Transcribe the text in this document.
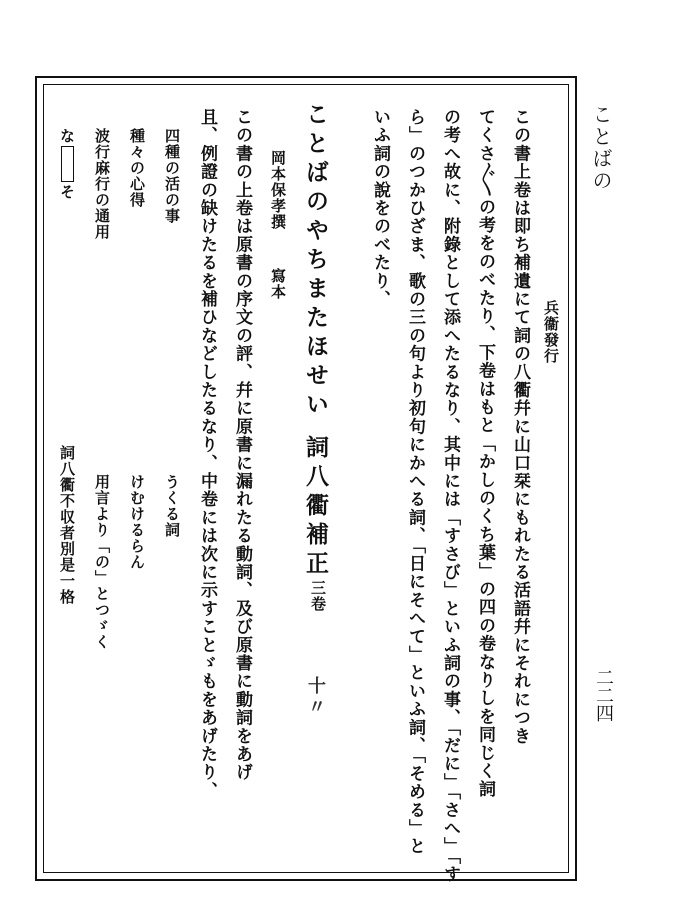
ことばの
二二四
兵衞發行
この書上卷は即ち補遺にて詞の八衢幷に山口栞にもれたる活語幷にそれにつき
てくさ〴〵の考をのべたり、下卷はもと「かしのくち葉」の四の卷なりしを同じく詞
の考へ故に、附錄として添へたるなり、其中には「すさび」といふ詞の事、「だに」「さへ」「す
ら」のつかひざま、歌の三の句より初句にかへる詞、「日にそへて」といふ詞、「そめる」と
いふ詞の說をのべたり、
ことばのやちまたほせい
詞八衢補正
三卷
十〃
岡本保孝撰
寫本
この書の上卷は原書の序文の評、幷に原書に漏れたる動詞、及び原書に動詞をあげ
且、例證の缺けたるを補ひなどしたるなり、中卷には次に示すことゞもをあげたり、
四種の活の事
うくる詞
種々の心得
けむけるらん
波行麻行の通用
用言より「の」とつゞく
なそ
詞八衢不収者別是一格
